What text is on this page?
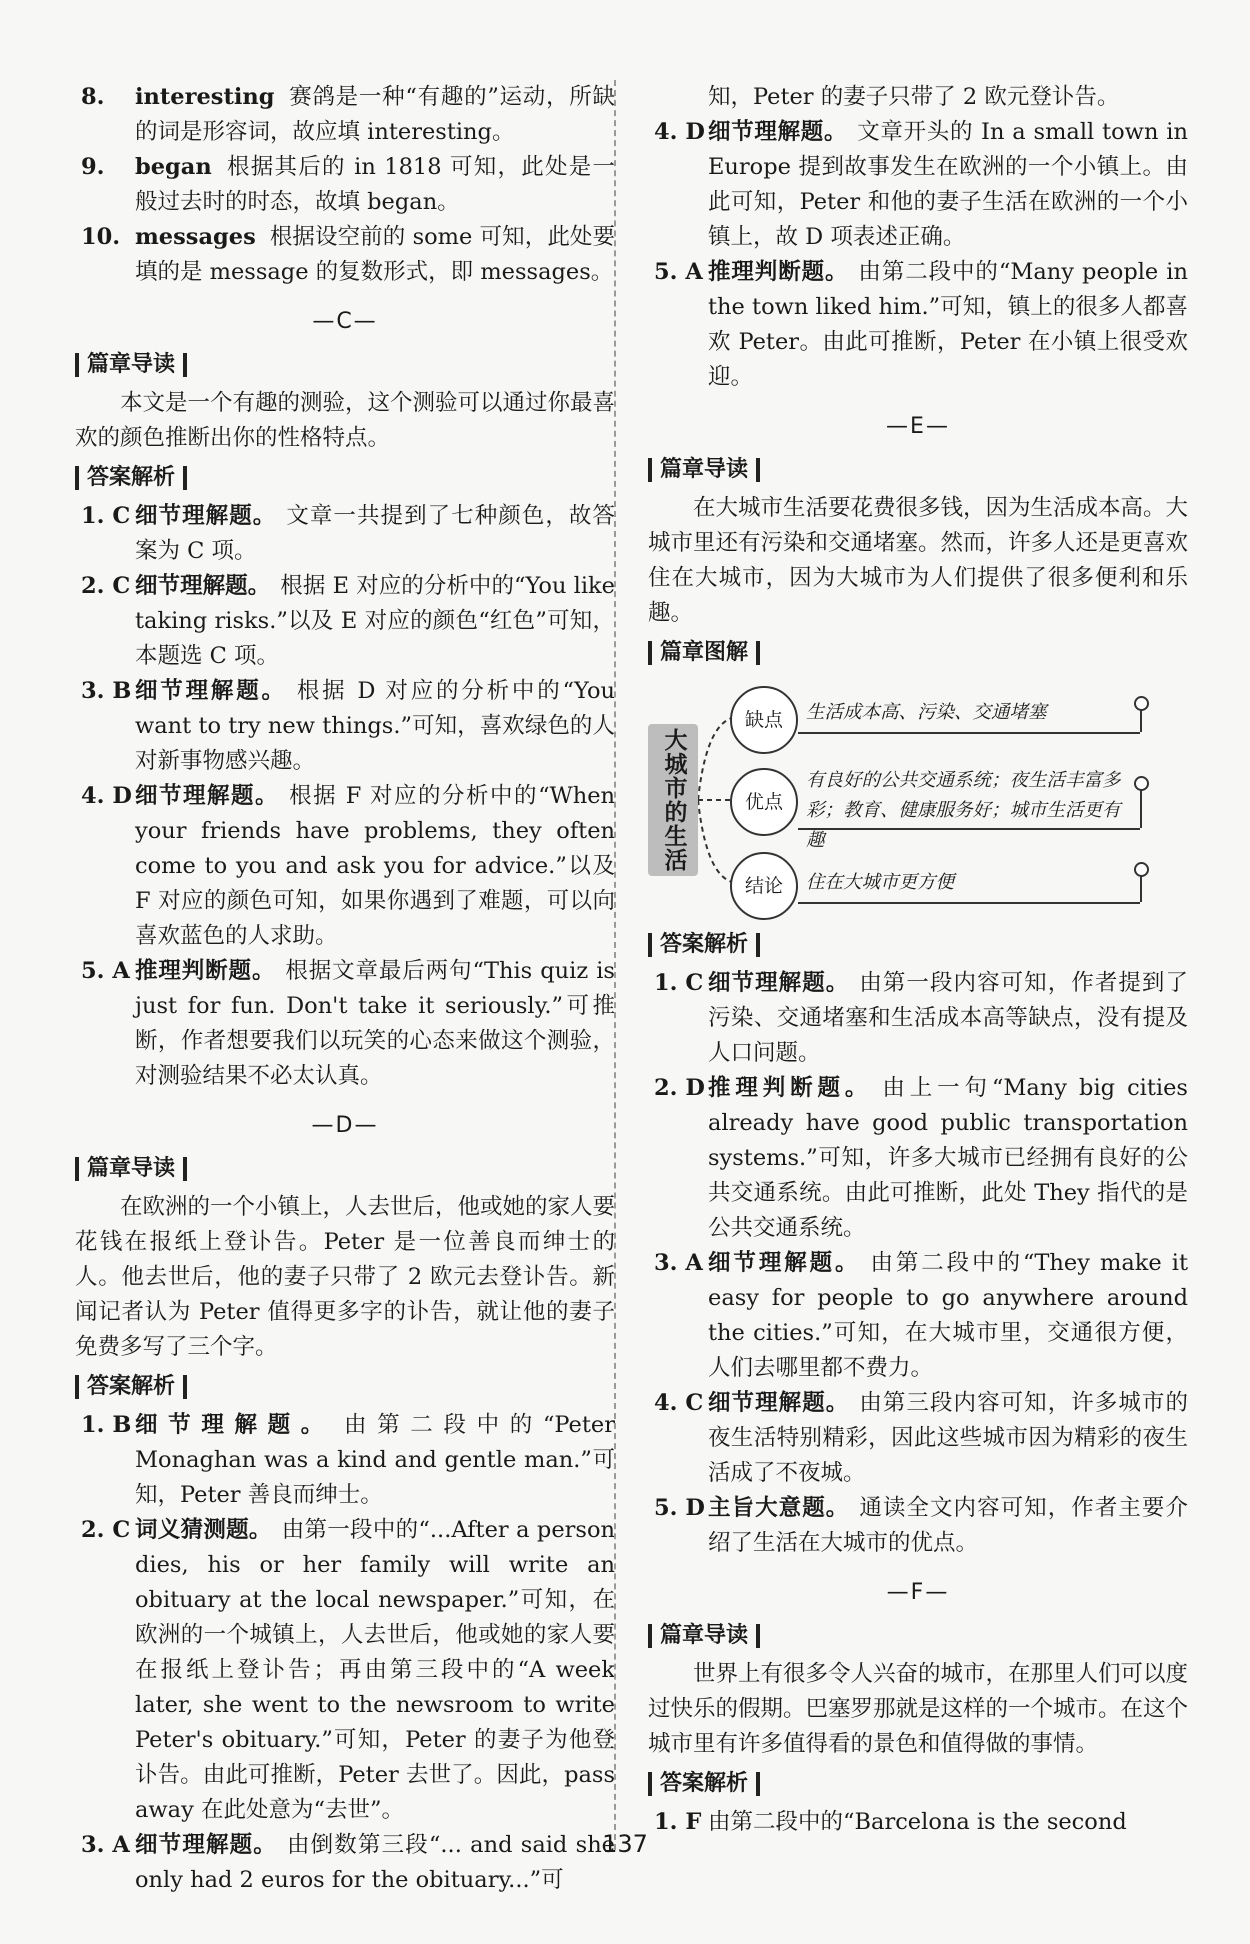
8. interesting 赛鸽是一种“有趣的”运动，所缺的词是形容词，故应填 interesting。
9. began 根据其后的 in 1818 可知，此处是一般过去时的时态，故填 began。
10. messages 根据设空前的 some 可知，此处要填的是 message 的复数形式，即 messages。
—C—
篇章导读
本文是一个有趣的测验，这个测验可以通过你最喜欢的颜色推断出你的性格特点。
答案解析
1. C 细节理解题。 文章一共提到了七种颜色，故答案为 C 项。
2. C 细节理解题。 根据 E 对应的分析中的“You like taking risks.”以及 E 对应的颜色“红色”可知，本题选 C 项。
3. B 细节理解题。 根据 D 对应的分析中的“You want to try new things.”可知，喜欢绿色的人对新事物感兴趣。
4. D 细节理解题。 根据 F 对应的分析中的“When your friends have problems, they often come to you and ask you for advice.”以及 F 对应的颜色可知，如果你遇到了难题，可以向喜欢蓝色的人求助。
5. A 推理判断题。 根据文章最后两句“This quiz is just for fun. Don't take it seriously.”可推断，作者想要我们以玩笑的心态来做这个测验，对测验结果不必太认真。
—D—
篇章导读
在欧洲的一个小镇上，人去世后，他或她的家人要花钱在报纸上登讣告。Peter 是一位善良而绅士的人。他去世后，他的妻子只带了 2 欧元去登讣告。新闻记者认为 Peter 值得更多字的讣告，就让他的妻子免费多写了三个字。
答案解析
1. B 细节理解题。 由第二段中的“Peter Monaghan was a kind and gentle man.”可知，Peter 善良而绅士。
2. C 词义猜测题。 由第一段中的“...After a person dies, his or her family will write an obituary at the local newspaper.”可知，在欧洲的一个城镇上，人去世后，他或她的家人要在报纸上登讣告；再由第三段中的“A week later, she went to the newsroom to write Peter's obituary.”可知，Peter 的妻子为他登讣告。由此可推断，Peter 去世了。因此，pass away 在此处意为“去世”。
3. A 细节理解题。 由倒数第三段“... and said she only had 2 euros for the obituary...”可
知，Peter 的妻子只带了 2 欧元登讣告。
4. D 细节理解题。 文章开头的 In a small town in Europe 提到故事发生在欧洲的一个小镇上。由此可知，Peter 和他的妻子生活在欧洲的一个小镇上，故 D 项表述正确。
5. A 推理判断题。 由第二段中的“Many people in the town liked him.”可知，镇上的很多人都喜欢 Peter。由此可推断，Peter 在小镇上很受欢迎。
—E—
篇章导读
在大城市生活要花费很多钱，因为生活成本高。大城市里还有污染和交通堵塞。然而，许多人还是更喜欢住在大城市，因为大城市为人们提供了很多便利和乐趣。
篇章图解
大城市的生活
缺点	生活成本高、污染、交通堵塞
优点
有良好的公共交通系统；夜生活丰富多彩；教育、健康服务好；城市生活更有趣
结论	住在大城市更方便
答案解析
1. C 细节理解题。 由第一段内容可知，作者提到了污染、交通堵塞和生活成本高等缺点，没有提及人口问题。
2. D 推理判断题。 由上一句“Many big cities already have good public transportation systems.”可知，许多大城市已经拥有良好的公共交通系统。由此可推断，此处 They 指代的是公共交通系统。
3. A 细节理解题。 由第二段中的“They make it easy for people to go anywhere around the cities.”可知，在大城市里，交通很方便，人们去哪里都不费力。
4. C 细节理解题。 由第三段内容可知，许多城市的夜生活特别精彩，因此这些城市因为精彩的夜生活成了不夜城。
5. D 主旨大意题。 通读全文内容可知，作者主要介绍了生活在大城市的优点。
—F—
篇章导读
世界上有很多令人兴奋的城市，在那里人们可以度过快乐的假期。巴塞罗那就是这样的一个城市。在这个城市里有许多值得看的景色和值得做的事情。
答案解析
1. F 由第二段中的“Barcelona is the second
137
